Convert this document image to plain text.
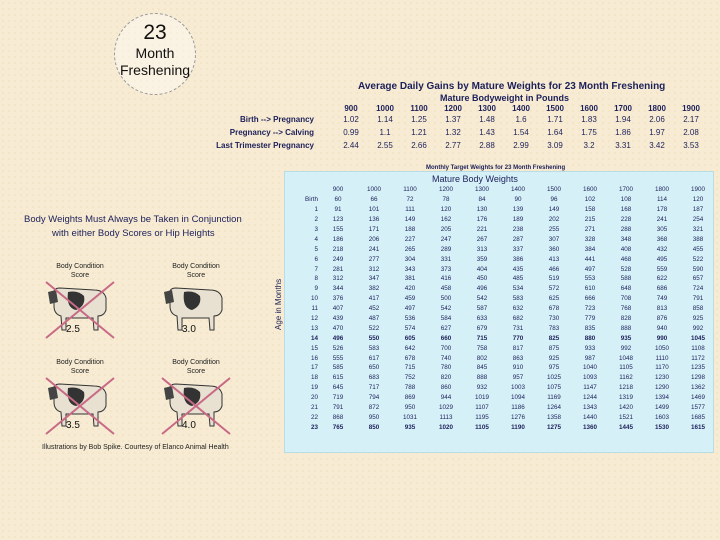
23
Month
Freshening
Average Daily Gains by Mature Weights for 23 Month Freshening
Mature Bodyweight in Pounds
900 1000 1100 1200 1300 1400 1500 1600 1700 1800 1900
Birth --> Pregnancy	1.02 1.14 1.25 1.37 1.48	1.6	1.71 1.83 1.94 2.06 2.17
Pregnancy --> Calving	0.99	1.1	1.21 1.32 1.43 1.54 1.64 1.75 1.86 1.97 2.08
Last Trimester Pregnancy	2.44 2.55 2.66 2.77 2.88 2.99 3.09	3.2	3.31 3.42 3.53
Monthly Target Weights for 23 Month Freshening
Mature Body Weights
Age in Months
	900	1000	1100	1200	1300	1400	1500	1600	1700	1800	1900
Birth	60	66	72	78	84	90	96	102	108	114	120
1	91	101	111	120	130	139	149	158	168	178	187
2	123	136	149	162	176	189	202	215	228	241	254
3	155	171	188	205	221	238	255	271	288	305	321
4	186	206	227	247	267	287	307	328	348	368	388
5	218	241	265	289	313	337	360	384	408	432	455
6	249	277	304	331	359	386	413	441	468	495	522
7	281	312	343	373	404	435	466	497	528	559	590
8	312	347	381	416	450	485	519	553	588	622	657
9	344	382	420	458	496	534	572	610	648	686	724
10	376	417	459	500	542	583	625	666	708	749	791
11	407	452	497	542	587	632	678	723	768	813	858
12	439	487	536	584	633	682	730	779	828	876	925
13	470	522	574	627	679	731	783	835	888	940	992
14	496	550	605	660	715	770	825	880	935	990	1045
15	526	583	642	700	758	817	875	933	992	1050	1108
16	555	617	678	740	802	863	925	987	1048	1110	1172
17	585	650	715	780	845	910	975	1040	1105	1170	1235
18	615	683	752	820	888	957	1025	1093	1162	1230	1298
19	645	717	788	860	932	1003	1075	1147	1218	1290	1362
20	719	794	869	944	1019	1094	1169	1244	1319	1394	1469
21	791	872	950	1029	1107	1186	1264	1343	1420	1499	1577
22	868	950	1031	1113	1195	1276	1358	1440	1521	1603	1685
23	765	850	935	1020	1105	1190	1275	1360	1445	1530	1615
Body Weights Must Always be Taken in Conjunction
with either Body Scores or Hip Heights
Body Condition
Score
2.5
Body Condition
Score
3.0
Body Condition
Score
3.5
Body Condition
Score
4.0
Illustrations by Bob Spike. Courtesy of Elanco Animal Health
